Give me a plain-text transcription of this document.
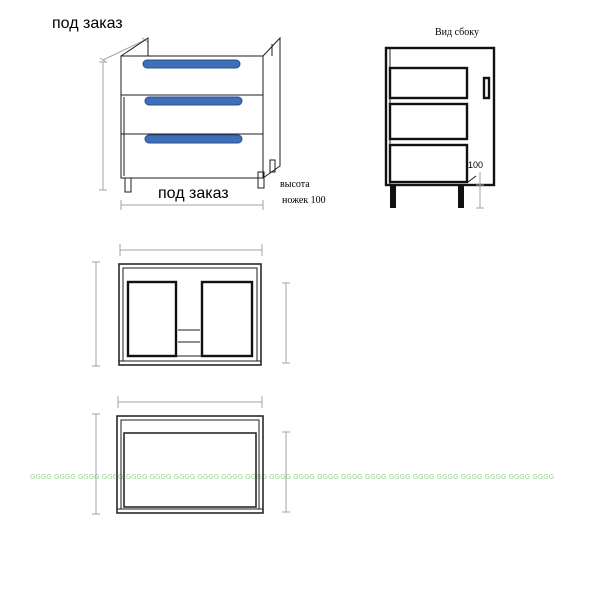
под заказ
под заказ
высота
ножек 100
Вид сбоку
100
GGGG GGGG GGGG GGGG GGGG GGGG GGGG GGGG GGGG GGGG GGGG GGGG GGGG GGGG GGGG GGGG GGGG GGGG GGGG GGGG GGGG GGGG
